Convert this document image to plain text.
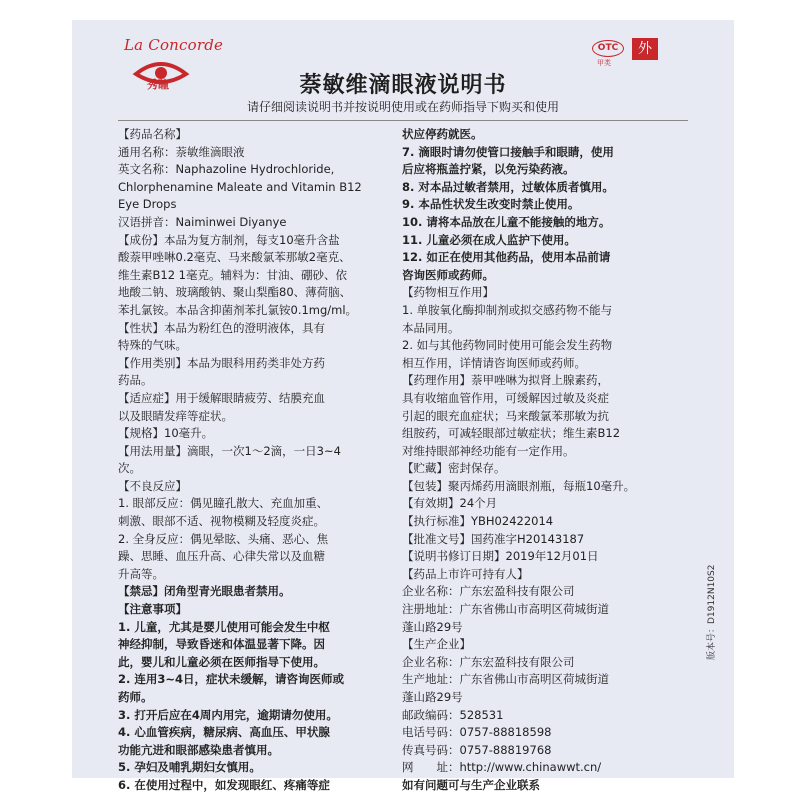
La Concorde
秀瞳
OTC
甲类
外
萘敏维滴眼液说明书
请仔细阅读说明书并按说明使用或在药师指导下购买和使用

【药品名称】

通用名称：萘敏维滴眼液

英文名称：Naphazoline Hydrochloride,

Chlorphenamine Maleate and Vitamin B12

Eye Drops

汉语拼音：Naiminwei Diyanye

【成份】本品为复方制剂，每支10毫升含盐

酸萘甲唑啉0.2毫克、马来酸氯苯那敏2毫克、

维生素B12 1毫克。辅料为：甘油、硼砂、依

地酸二钠、玻璃酸钠、聚山梨酯80、薄荷脑、

苯扎氯铵。本品含抑菌剂苯扎氯铵0.1mg/ml。

【性状】本品为粉红色的澄明液体，具有

特殊的气味。

【作用类别】本品为眼科用药类非处方药

药品。

【适应症】用于缓解眼睛疲劳、结膜充血

以及眼睛发痒等症状。

【规格】10毫升。

【用法用量】滴眼，一次1～2滴，一日3~4

次。

【不良反应】

1. 眼部反应：偶见瞳孔散大、充血加重、

刺激、眼部不适、视物模糊及轻度炎症。

2. 全身反应：偶见晕眩、头痛、恶心、焦

躁、思睡、血压升高、心律失常以及血糖

升高等。

【禁忌】闭角型青光眼患者禁用。

【注意事项】

1. 儿童，尤其是婴儿使用可能会发生中枢

神经抑制，导致昏迷和体温显著下降。因

此，婴儿和儿童必须在医师指导下使用。

2. 连用3~4日，症状未缓解，请咨询医师或

药师。

3. 打开后应在4周内用完，逾期请勿使用。

4. 心血管疾病，糖尿病、高血压、甲状腺

功能亢进和眼部感染患者慎用。

5. 孕妇及哺乳期妇女慎用。

6. 在使用过程中，如发现眼红、疼痛等症

状应停药就医。

7. 滴眼时请勿使管口接触手和眼睛，使用

后应将瓶盖拧紧，以免污染药液。

8. 对本品过敏者禁用，过敏体质者慎用。

9. 本品性状发生改变时禁止使用。

10. 请将本品放在儿童不能接触的地方。

11. 儿童必须在成人监护下使用。

12. 如正在使用其他药品，使用本品前请

咨询医师或药师。

【药物相互作用】

1. 单胺氧化酶抑制剂或拟交感药物不能与

本品同用。

2. 如与其他药物同时使用可能会发生药物

相互作用，详情请咨询医师或药师。

【药理作用】萘甲唑啉为拟肾上腺素药，

具有收缩血管作用，可缓解因过敏及炎症

引起的眼充血症状；马来酸氯苯那敏为抗

组胺药，可减轻眼部过敏症状；维生素B12

对维持眼部神经功能有一定作用。

【贮藏】密封保存。

【包装】聚丙烯药用滴眼剂瓶，每瓶10毫升。

【有效期】24个月

【执行标准】YBH02422014

【批准文号】国药准字H20143187

【说明书修订日期】2019年12月01日

【药品上市许可持有人】

企业名称：广东宏盈科技有限公司

注册地址：广东省佛山市高明区荷城街道

蓬山路29号

【生产企业】

企业名称：广东宏盈科技有限公司

生产地址：广东省佛山市高明区荷城街道

蓬山路29号

邮政编码：528531

电话号码：0757-88818598

传真号码：0757-88819768

网　　址：http://www.chinawwt.cn/

如有问题可与生产企业联系

版本号：D1912N10S2
